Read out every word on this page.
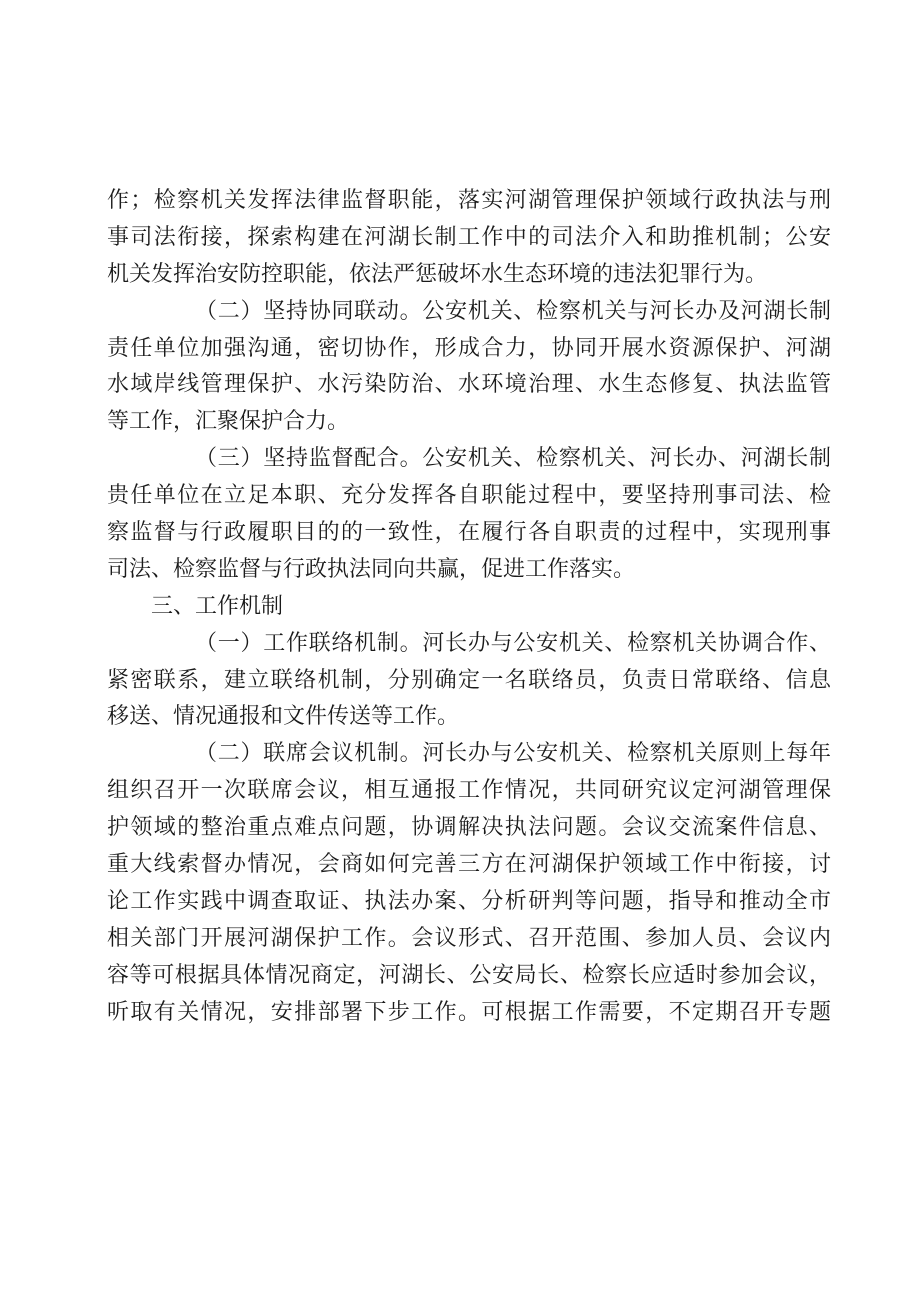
作；检察机关发挥法律监督职能，落实河湖管理保护领域行政执法与刑
事司法衔接，探索构建在河湖长制工作中的司法介入和助推机制；公安
机关发挥治安防控职能，依法严惩破坏水生态环境的违法犯罪行为。
（二）坚持协同联动。公安机关、检察机关与河长办及河湖长制
责任单位加强沟通，密切协作，形成合力，协同开展水资源保护、河湖
水域岸线管理保护、水污染防治、水环境治理、水生态修复、执法监管
等工作，汇聚保护合力。
（三）坚持监督配合。公安机关、检察机关、河长办、河湖长制
贵任单位在立足本职、充分发挥各自职能过程中，要坚持刑事司法、检
察监督与行政履职目的的一致性，在履行各自职责的过程中，实现刑事
司法、检察监督与行政执法同向共赢，促进工作落实。
三、工作机制
（一）工作联络机制。河长办与公安机关、检察机关协调合作、
紧密联系，建立联络机制，分别确定一名联络员，负责日常联络、信息
移送、情况通报和文件传送等工作。
（二）联席会议机制。河长办与公安机关、检察机关原则上每年
组织召开一次联席会议，相互通报工作情况，共同研究议定河湖管理保
护领域的整治重点难点问题，协调解决执法问题。会议交流案件信息、
重大线索督办情况，会商如何完善三方在河湖保护领域工作中衔接，讨
论工作实践中调查取证、执法办案、分析研判等问题，指导和推动全市
相关部门开展河湖保护工作。会议形式、召开范围、参加人员、会议内
容等可根据具体情况商定，河湖长、公安局长、检察长应适时参加会议，
听取有关情况，安排部署下步工作。可根据工作需要，不定期召开专题
